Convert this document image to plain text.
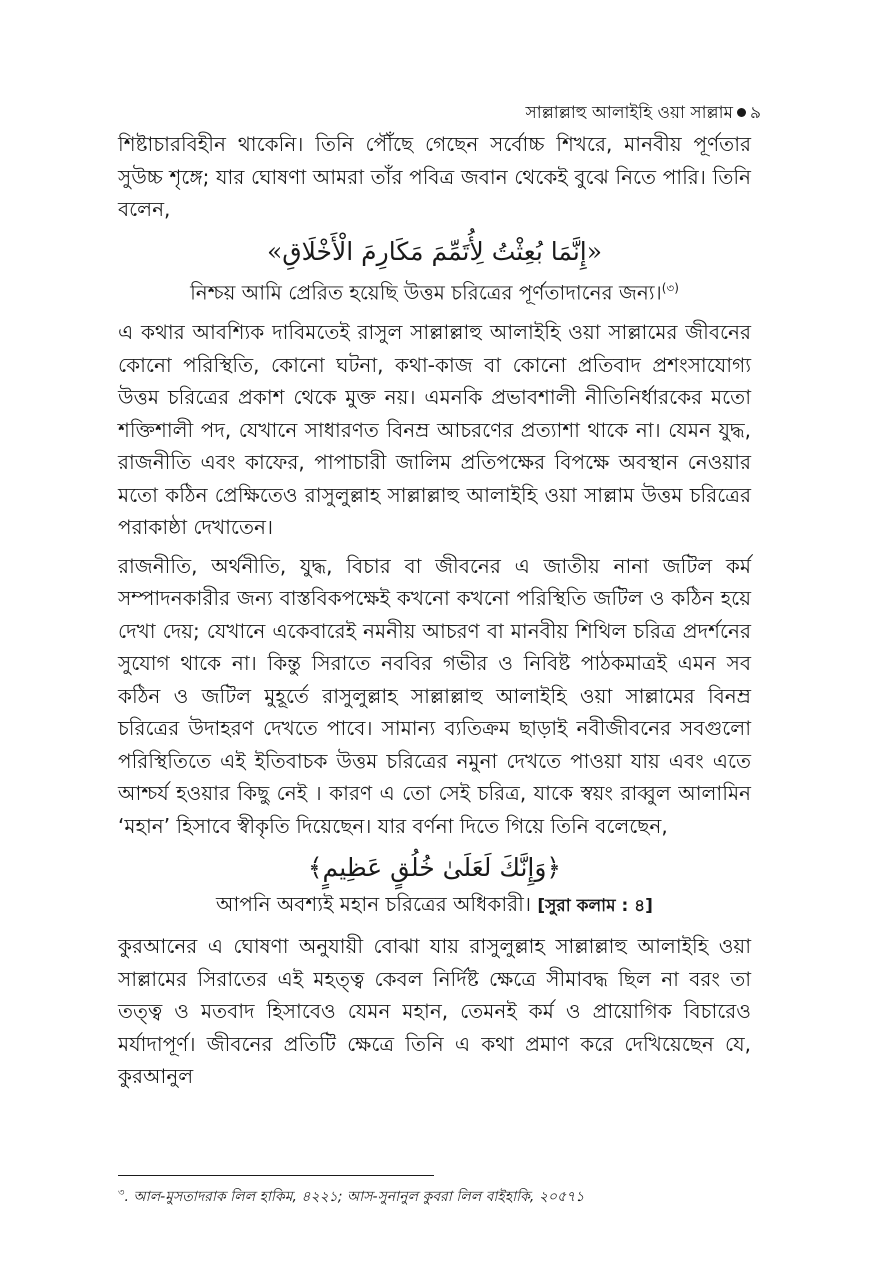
সাল্লাল্লাহু আলাইহি ওয়া সাল্লাম ৯

শিষ্টাচারবিহীন থাকেনি। তিনি পৌঁছে গেছেন সর্বোচ্চ শিখরে, মানবীয় পূর্ণতার সুউচ্চ শৃঙ্গে; যার ঘোষণা আমরা তাঁর পবিত্র জবান থেকেই বুঝে নিতে পারি। তিনি বলেন,

«إِنَّمَا بُعِثْتُ لِأُتَمِّمَ مَكَارِمَ الْأَخْلَاقِ»
নিশ্চয় আমি প্রেরিত হয়েছি উত্তম চরিত্রের পূর্ণতাদানের জন্য।$^{(৩)}$

এ কথার আবশ্যিক দাবিমতেই রাসুল সাল্লাল্লাহু আলাইহি ওয়া সাল্লামের জীবনের কোনো পরিস্থিতি, কোনো ঘটনা, কথা-কাজ বা কোনো প্রতিবাদ প্রশংসাযোগ্য উত্তম চরিত্রের প্রকাশ থেকে মুক্ত নয়। এমনকি প্রভাবশালী নীতিনির্ধারকের মতো শক্তিশালী পদ, যেখানে সাধারণত বিনম্র আচরণের প্রত্যাশা থাকে না। যেমন যুদ্ধ, রাজনীতি এবং কাফের, পাপাচারী জালিম প্রতিপক্ষের বিপক্ষে অবস্থান নেওয়ার মতো কঠিন প্রেক্ষিতেও রাসুলুল্লাহ সাল্লাল্লাহু আলাইহি ওয়া সাল্লাম উত্তম চরিত্রের পরাকাষ্ঠা দেখাতেন।

রাজনীতি, অর্থনীতি, যুদ্ধ, বিচার বা জীবনের এ জাতীয় নানা জটিল কর্ম সম্পাদনকারীর জন্য বাস্তবিকপক্ষেই কখনো কখনো পরিস্থিতি জটিল ও কঠিন হয়ে দেখা দেয়; যেখানে একেবারেই নমনীয় আচরণ বা মানবীয় শিথিল চরিত্র প্রদর্শনের সুযোগ থাকে না। কিন্তু সিরাতে নববির গভীর ও নিবিষ্ট পাঠকমাত্রই এমন সব কঠিন ও জটিল মুহূর্তে রাসুলুল্লাহ সাল্লাল্লাহু আলাইহি ওয়া সাল্লামের বিনম্র চরিত্রের উদাহরণ দেখতে পাবে। সামান্য ব্যতিক্রম ছাড়াই নবীজীবনের সবগুলো পরিস্থিতিতে এই ইতিবাচক উত্তম চরিত্রের নমুনা দেখতে পাওয়া যায় এবং এতে আশ্চর্য হওয়ার কিছু নেই । কারণ এ তো সেই চরিত্র, যাকে স্বয়ং রাব্বুল আলামিন ‘মহান’ হিসাবে স্বীকৃতি দিয়েছেন। যার বর্ণনা দিতে গিয়ে তিনি বলেছেন,

﴿وَإِنَّكَ لَعَلَىٰ خُلُقٍ عَظِيمٍ﴾
আপনি অবশ্যই মহান চরিত্রের অধিকারী। [সুরা কলাম : ৪]

কুরআনের এ ঘোষণা অনুযায়ী বোঝা যায় রাসুলুল্লাহ সাল্লাল্লাহু আলাইহি ওয়া সাল্লামের সিরাতের এই মহত্ত্ব কেবল নির্দিষ্ট ক্ষেত্রে সীমাবদ্ধ ছিল না বরং তা তত্ত্ব ও মতবাদ হিসাবেও যেমন মহান, তেমনই কর্ম ও প্রায়োগিক বিচারেও মর্যাদাপূর্ণ। জীবনের প্রতিটি ক্ষেত্রে তিনি এ কথা প্রমাণ করে দেখিয়েছেন যে, কুরআনুল

$^৩$. আল-মুসতাদরাক লিল হাকিম, ৪২২১; আস-সুনানুল কুবরা লিল বাইহাকি, ২০৫৭১
